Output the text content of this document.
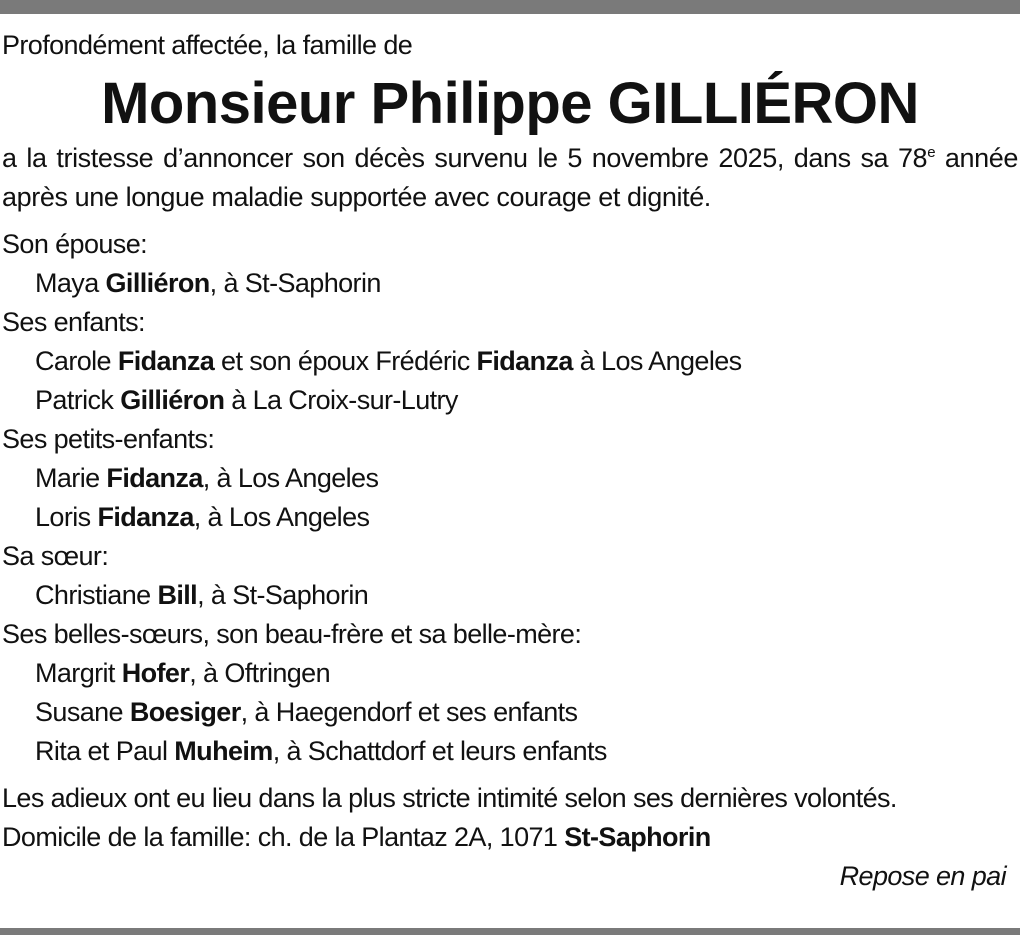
Profondément affectée, la famille de

Monsieur Philippe GILLIÉRON

a la tristesse d’annoncer son décès survenu le 5 novembre 2025, dans sa 78e année après une longue maladie supportée avec courage et dignité.

Son épouse:
Maya Gilliéron, à St-Saphorin
Ses enfants:
Carole Fidanza et son époux Frédéric Fidanza à Los Angeles
Patrick Gilliéron à La Croix-sur-Lutry
Ses petits-enfants:
Marie Fidanza, à Los Angeles
Loris Fidanza, à Los Angeles
Sa sœur:
Christiane Bill, à St-Saphorin
Ses belles-sœurs, son beau-frère et sa belle-mère:
Margrit Hofer, à Oftringen
Susane Boesiger, à Haegendorf et ses enfants
Rita et Paul Muheim, à Schattdorf et leurs enfants
Les adieux ont eu lieu dans la plus stricte intimité selon ses dernières volontés.
Domicile de la famille: ch. de la Plantaz 2A, 1071 St-Saphorin
Repose en pai
